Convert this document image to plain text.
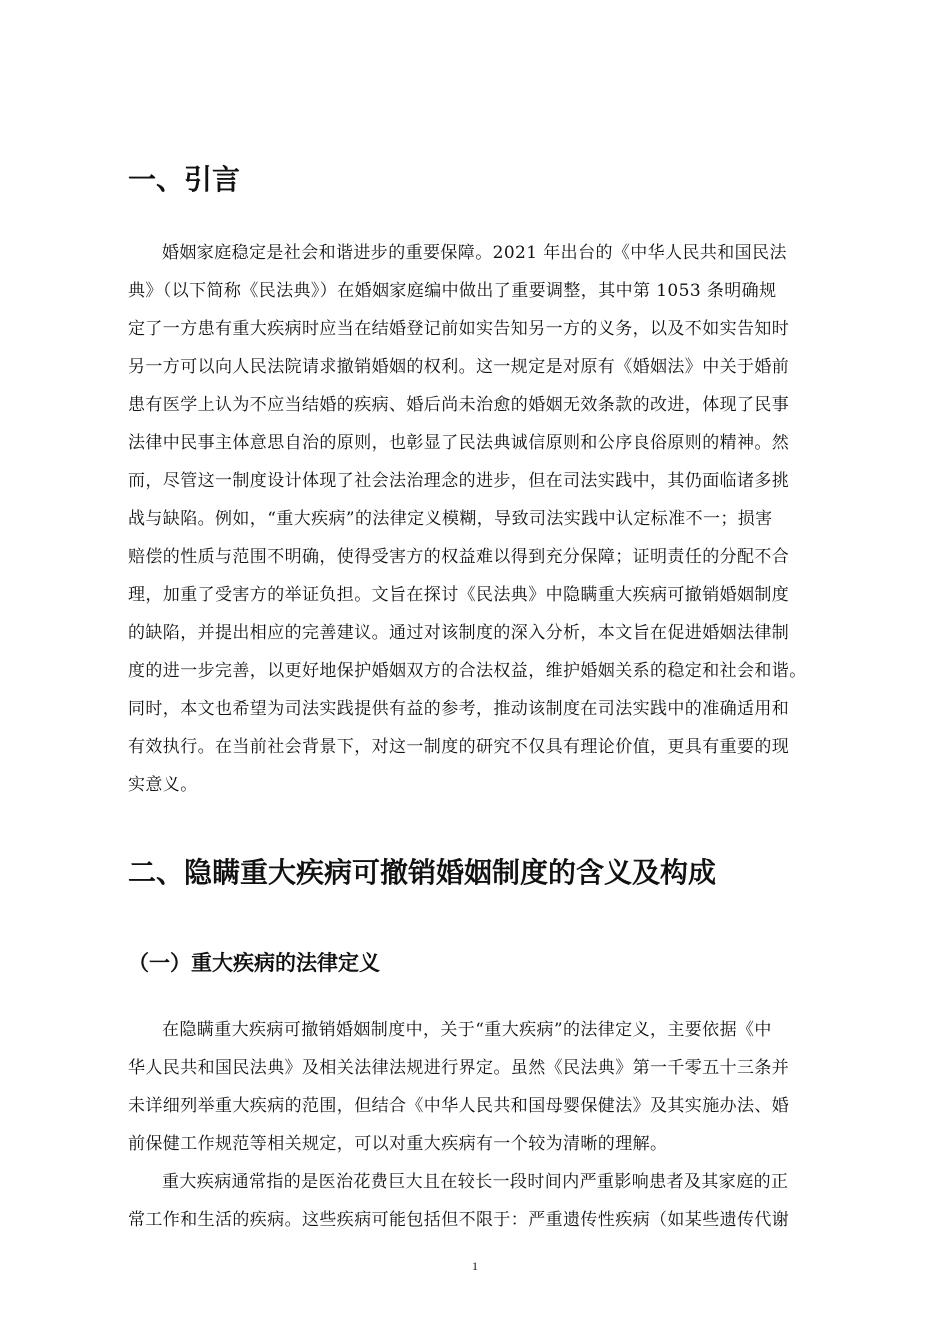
一、引言
婚姻家庭稳定是社会和谐进步的重要保障。2021 年出台的《中华人民共和国民法
典》（以下简称《民法典》）在婚姻家庭编中做出了重要调整，其中第 1053 条明确规
定了一方患有重大疾病时应当在结婚登记前如实告知另一方的义务，以及不如实告知时
另一方可以向人民法院请求撤销婚姻的权利。这一规定是对原有《婚姻法》中关于婚前
患有医学上认为不应当结婚的疾病、婚后尚未治愈的婚姻无效条款的改进，体现了民事
法律中民事主体意思自治的原则，也彰显了民法典诚信原则和公序良俗原则的精神。然
而，尽管这一制度设计体现了社会法治理念的进步，但在司法实践中，其仍面临诸多挑
战与缺陷。例如，“重大疾病”的法律定义模糊，导致司法实践中认定标准不一；损害
赔偿的性质与范围不明确，使得受害方的权益难以得到充分保障；证明责任的分配不合
理，加重了受害方的举证负担。文旨在探讨《民法典》中隐瞒重大疾病可撤销婚姻制度
的缺陷，并提出相应的完善建议。通过对该制度的深入分析，本文旨在促进婚姻法律制
度的进一步完善，以更好地保护婚姻双方的合法权益，维护婚姻关系的稳定和社会和谐。
同时，本文也希望为司法实践提供有益的参考，推动该制度在司法实践中的准确适用和
有效执行。在当前社会背景下，对这一制度的研究不仅具有理论价值，更具有重要的现
实意义。
二、隐瞒重大疾病可撤销婚姻制度的含义及构成
（一）重大疾病的法律定义
在隐瞒重大疾病可撤销婚姻制度中，关于“重大疾病”的法律定义，主要依据《中
华人民共和国民法典》及相关法律法规进行界定。虽然《民法典》第一千零五十三条并
未详细列举重大疾病的范围，但结合《中华人民共和国母婴保健法》及其实施办法、婚
前保健工作规范等相关规定，可以对重大疾病有一个较为清晰的理解。
重大疾病通常指的是医治花费巨大且在较长一段时间内严重影响患者及其家庭的正
常工作和生活的疾病。这些疾病可能包括但不限于：严重遗传性疾病（如某些遗传代谢
1
